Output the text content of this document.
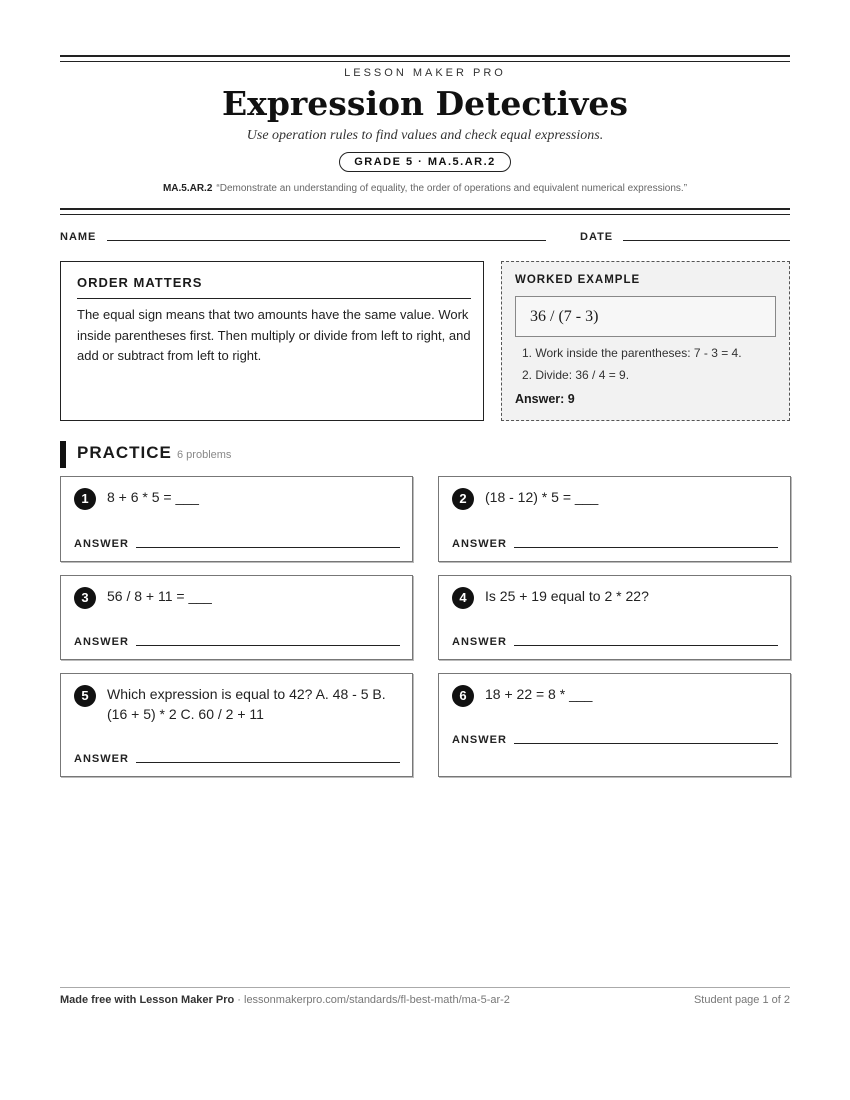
LESSON MAKER PRO
Expression Detectives
Use operation rules to find values and check equal expressions.
GRADE 5 · MA.5.AR.2
MA.5.AR.2 “Demonstrate an understanding of equality, the order of operations and equivalent numerical expressions.”
NAME	DATE
ORDER MATTERS

The equal sign means that two amounts have the same value. Work inside parentheses first. Then multiply or divide from left to right, and add or subtract from left to right.

WORKED EXAMPLE
36 / (7 - 3)
1. Work inside the parentheses: 7 - 3 = 4.
2. Divide: 36 / 4 = 9.
Answer: 9
PRACTICE 6 problems
1	8 + 6 * 5 = ___
ANSWER
2	(18 - 12) * 5 = ___
ANSWER
3	56 / 8 + 11 = ___
ANSWER
4	Is 25 + 19 equal to 2 * 22?
ANSWER
5	Which expression is equal to 42? A. 48 - 5 B. (16 + 5) * 2 C. 60 / 2 + 11
ANSWER
6	18 + 22 = 8 * ___
ANSWER
Made free with Lesson Maker Pro · lessonmakerpro.com/standards/fl-best-math/ma-5-ar-2	Student page 1 of 2
